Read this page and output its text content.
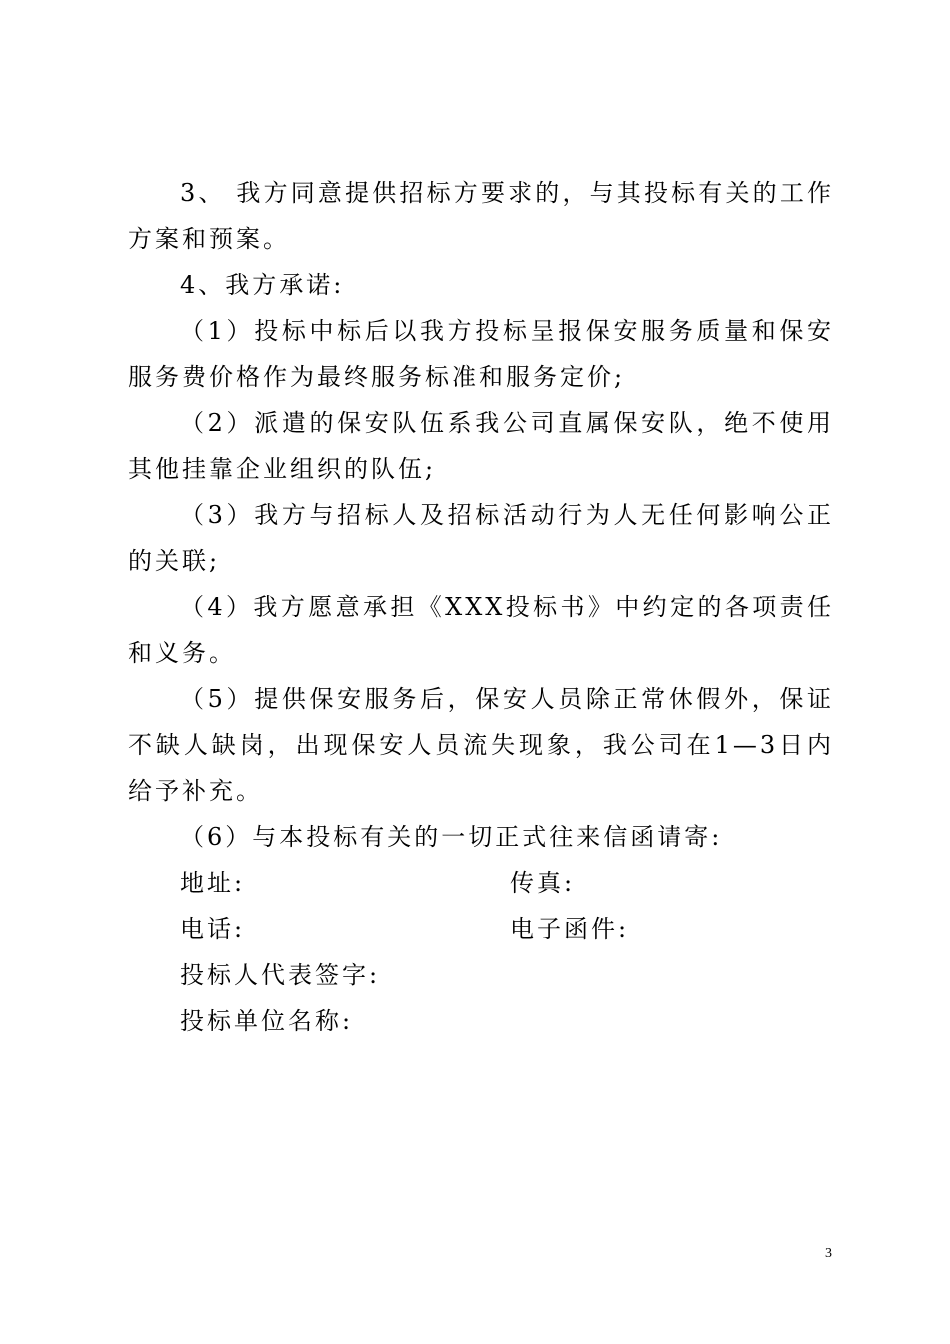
3、 我方同意提供招标方要求的，与其投标有关的工作方案和预案。

4、我方承诺:

（1）投标中标后以我方投标呈报保安服务质量和保安服务费价格作为最终服务标准和服务定价;

（2）派遣的保安队伍系我公司直属保安队，绝不使用其他挂靠企业组织的队伍;

（3）我方与招标人及招标活动行为人无任何影响公正的关联;

（4）我方愿意承担《XXX投标书》中约定的各项责任和义务。

（5）提供保安服务后，保安人员除正常休假外，保证不缺人缺岗，出现保安人员流失现象，我公司在1—3日内给予补充。

（6）与本投标有关的一切正式往来信函请寄:

地址:	传真:
电话:	电子函件:
投标人代表签字:
投标单位名称:
3
